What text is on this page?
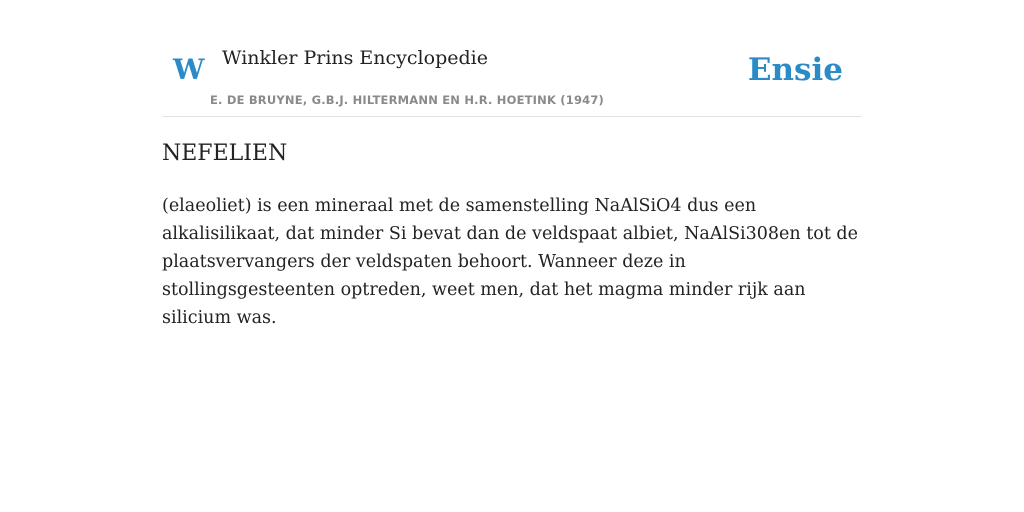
W Winkler Prins Encyclopedie
E. DE BRUYNE, G.B.J. HILTERMANN EN H.R. HOETINK (1947)
Ensie
NEFELIEN

(elaeoliet) is een mineraal met de samenstelling NaAlSiO4 dus een alkalisilikaat, dat minder Si bevat dan de veldspaat albiet, NaAlSi308en tot de plaatsvervangers der veldspaten behoort. Wanneer deze in stollingsgesteenten optreden, weet men, dat het magma minder rijk aan silicium was.
